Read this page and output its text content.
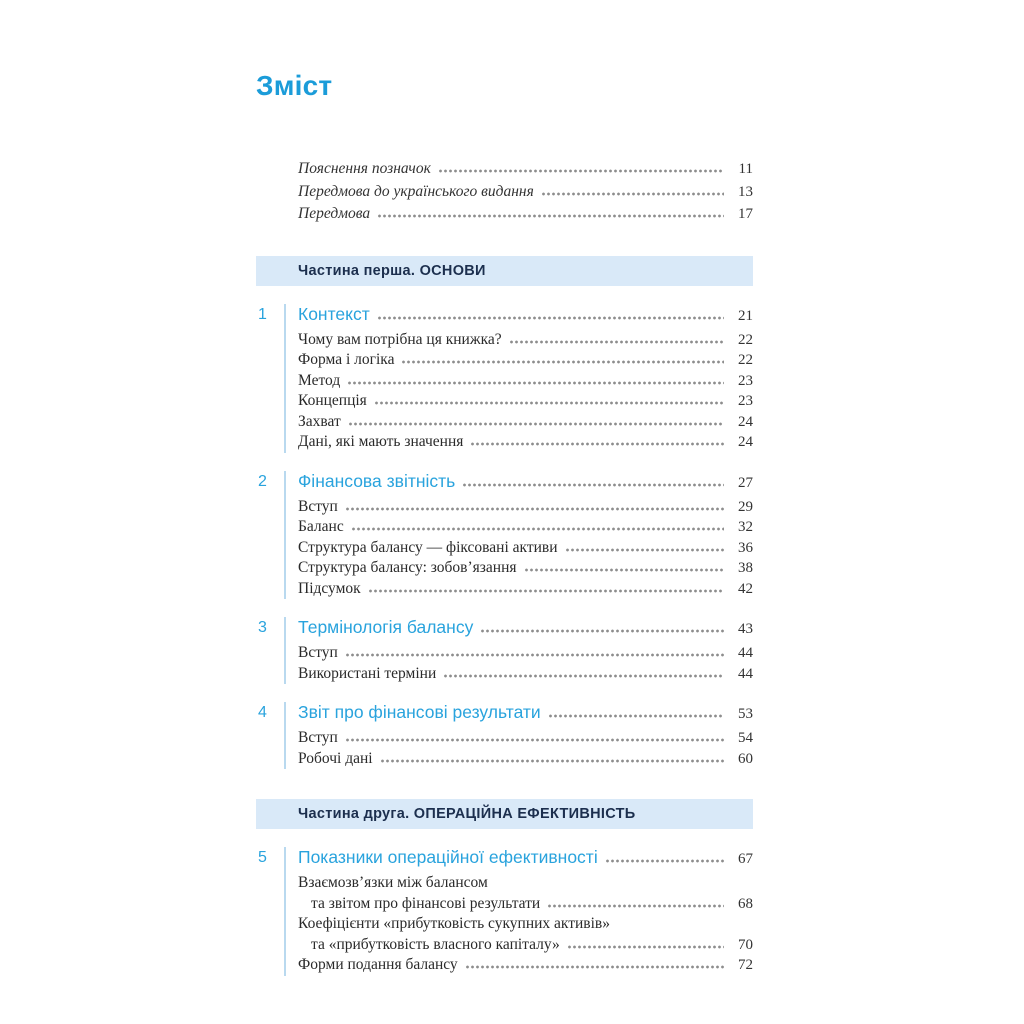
Зміст
Пояснення позначок	11
Передмова до українського видання	13
Передмова	17
Частина перша. ОСНОВИ
1 Контекст	21
Чому вам потрібна ця книжка?	22
Форма і логіка	22
Метод	23
Концепція	23
Захват	24
Дані, які мають значення	24
2 Фінансова звітність	27
Вступ	29
Баланс	32
Структура балансу — фіксовані активи	36
Структура балансу: зобов’язання	38
Підсумок	42
3 Термінологія балансу	43
Вступ	44
Використані терміни	44
4 Звіт про фінансові результати	53
Вступ	54
Робочі дані	60
Частина друга. ОПЕРАЦІЙНА ЕФЕКТИВНІСТЬ
5 Показники операційної ефективності	67
Взаємозв’язки між балансом
та звітом про фінансові результати	68
Коефіцієнти «прибутковість сукупних активів»
та «прибутковість власного капіталу»	70
Форми подання балансу	72
